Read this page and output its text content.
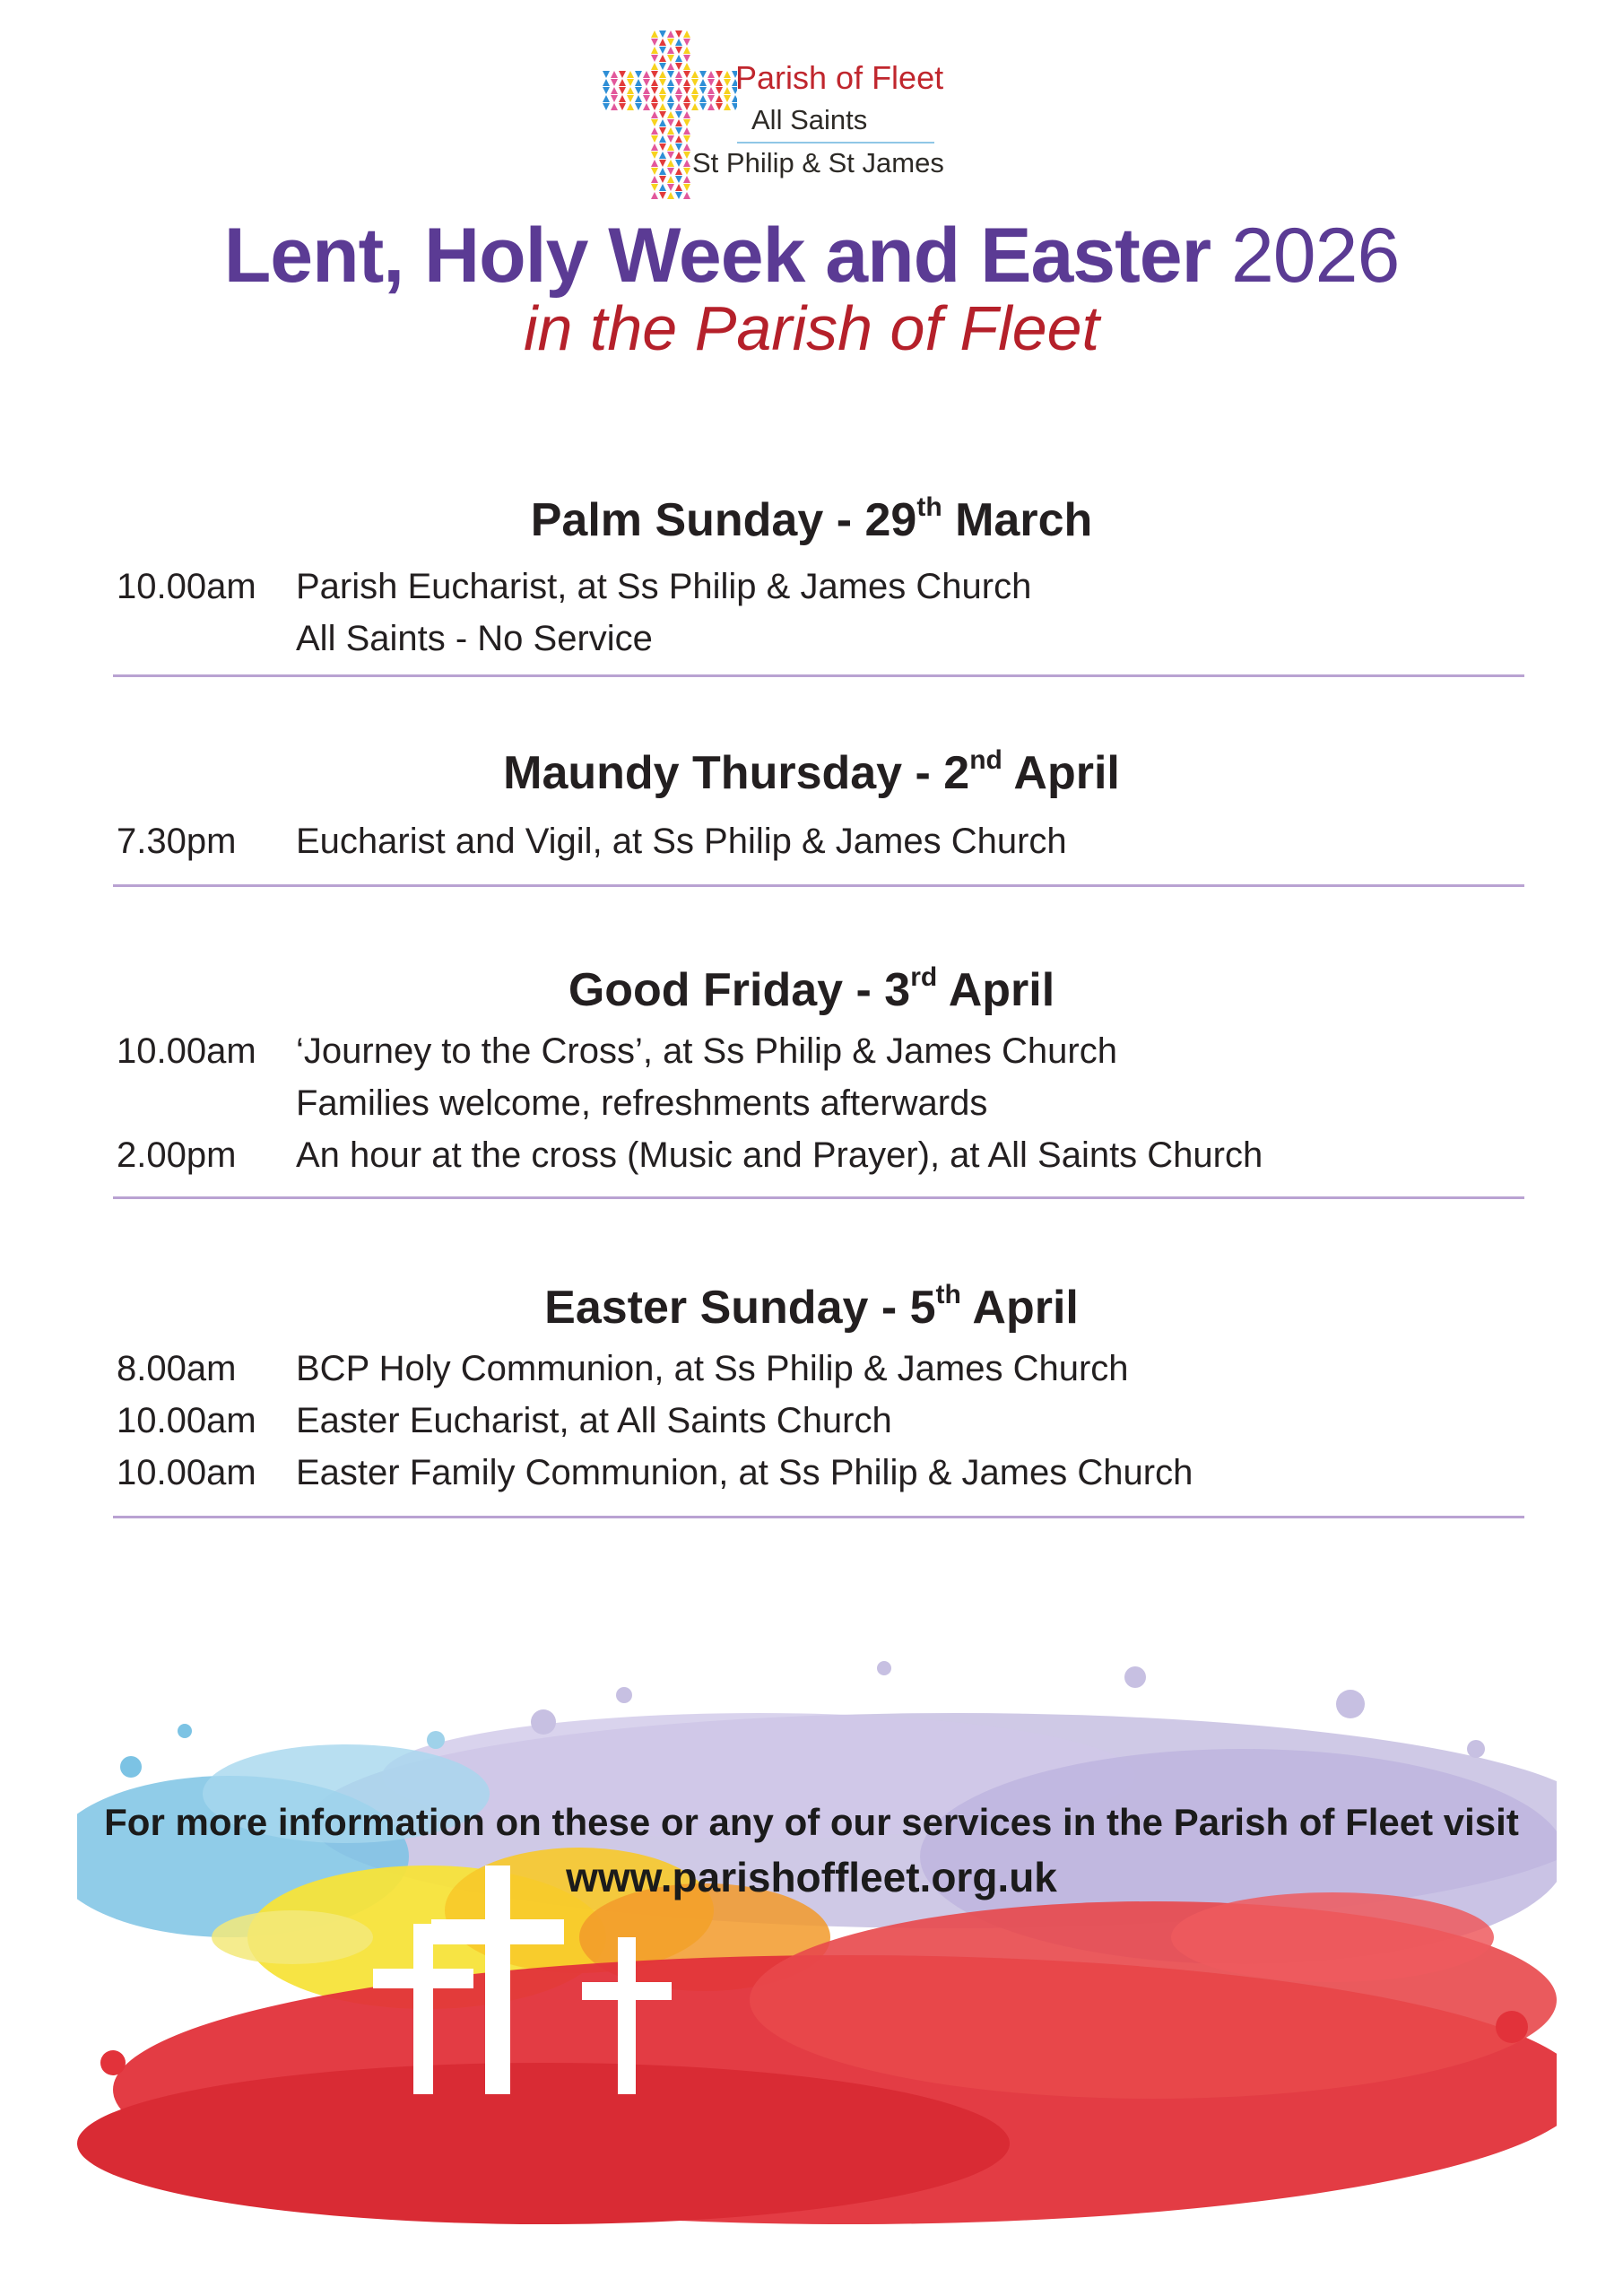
Parish of Fleet
All Saints
St Philip & St James
Lent, Holy Week and Easter 2026
in the Parish of Fleet
Palm Sunday - 29th March
10.00am Parish Eucharist, at Ss Philip & James Church
All Saints - No Service
Maundy Thursday - 2nd April
7.30pm Eucharist and Vigil, at Ss Philip & James Church
Good Friday - 3rd April
10.00am ‘Journey to the Cross’, at Ss Philip & James Church
Families welcome, refreshments afterwards
2.00pm An hour at the cross (Music and Prayer), at All Saints Church
Easter Sunday - 5th April
8.00am BCP Holy Communion, at Ss Philip & James Church
10.00am Easter Eucharist, at All Saints Church
10.00am Easter Family Communion, at Ss Philip & James Church
For more information on these or any of our services in the Parish of Fleet visit
www.parishoffleet.org.uk
